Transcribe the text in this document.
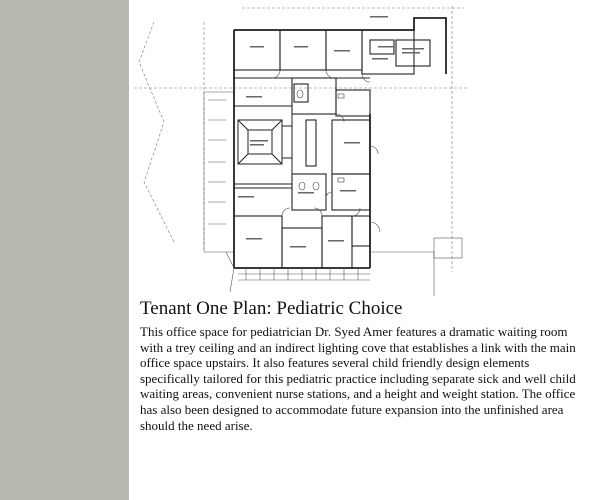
Tenant One Plan: Pediatric Choice

This office space for pediatrician Dr. Syed Amer features a dramatic waiting room with a trey ceiling and an indirect lighting cove that establishes a link with the main office space upstairs. It also features several child friendly design elements specifically tailored for this pediatric practice including separate sick and well child waiting areas, convenient nurse stations, and a height and weight station. The office has also been designed to accommodate future expansion into the unfinished area should the need arise.
